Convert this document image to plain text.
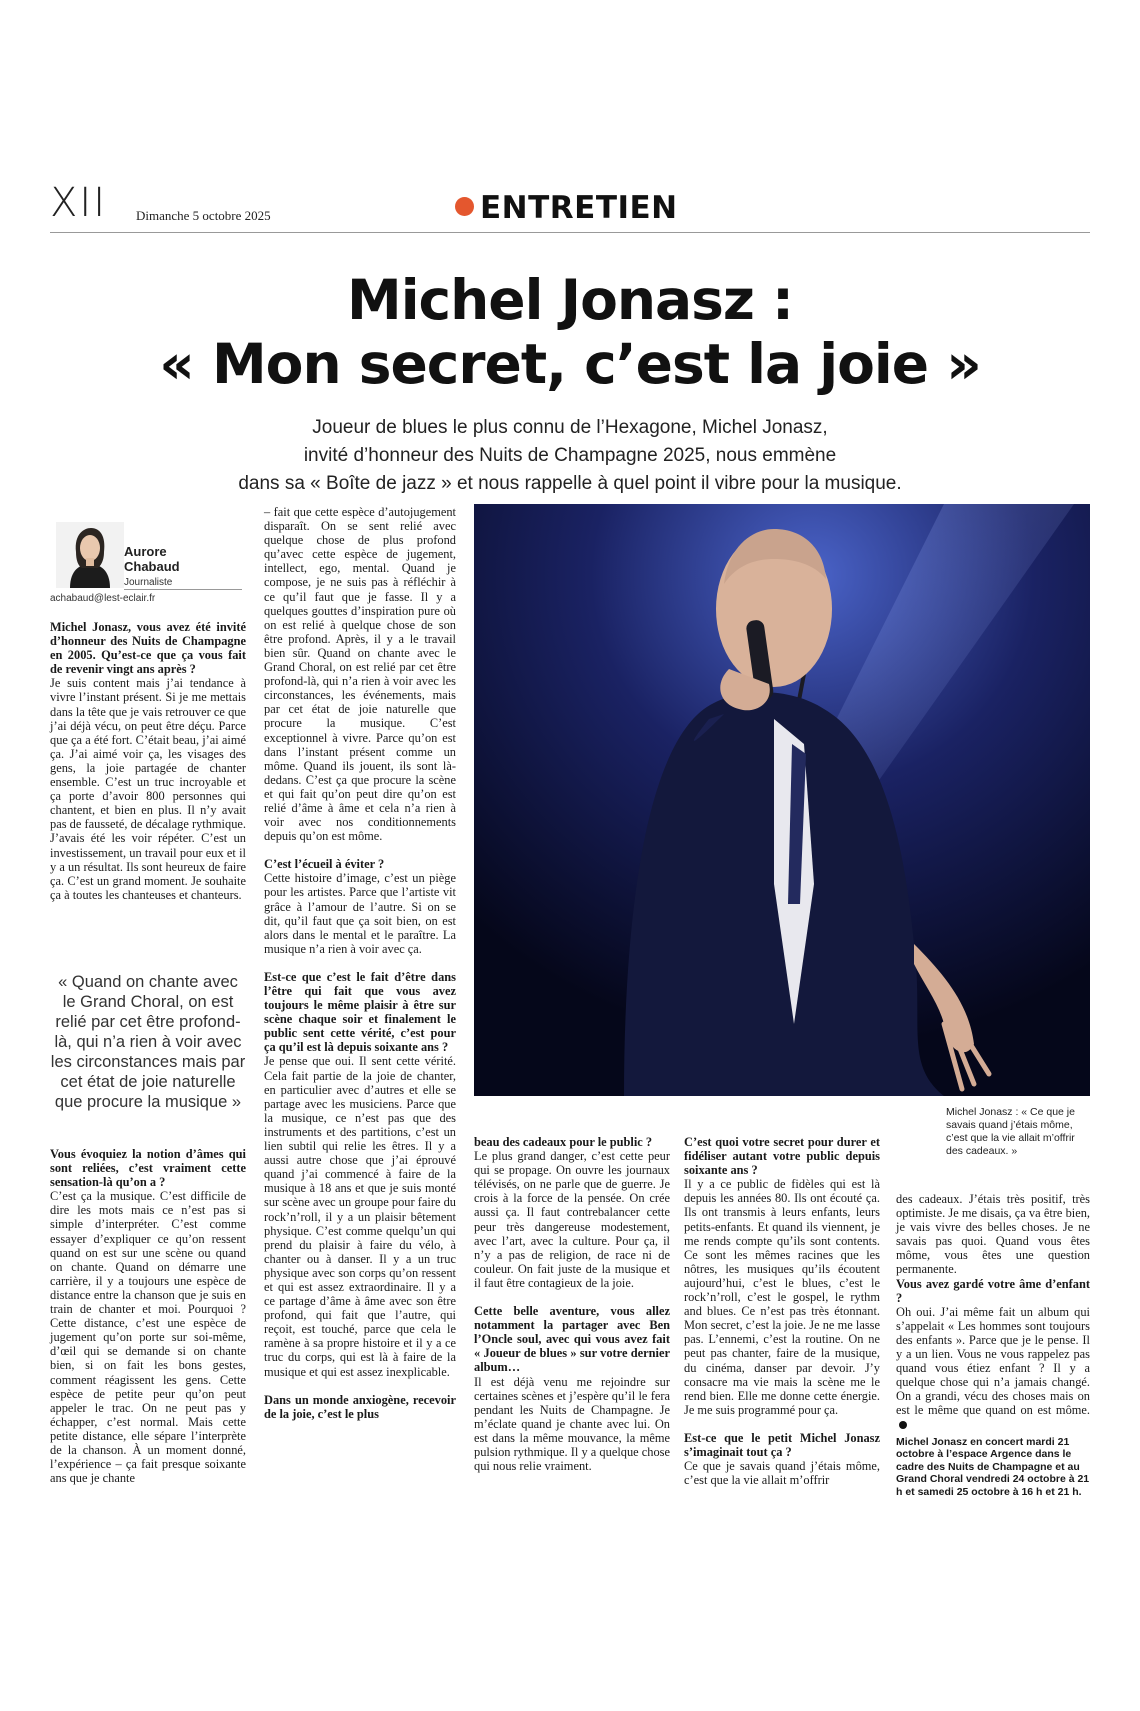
XII Dimanche 5 octobre 2025	ENTRETIEN
Michel Jonasz :
« Mon secret, c’est la joie »
Joueur de blues le plus connu de l’Hexagone, Michel Jonasz,
invité d’honneur des Nuits de Champagne 2025, nous emmène
dans sa « Boîte de jazz » et nous rappelle à quel point il vibre pour la musique.
Aurore
Chabaud
Journaliste
achabaud@lest-eclair.fr

Michel Jonasz, vous avez été invité d’honneur des Nuits de Champagne en 2005. Qu’est-ce que ça vous fait de revenir vingt ans après ?

Je suis content mais j’ai tendance à vivre l’instant présent. Si je me mettais dans la tête que je vais retrouver ce que j’ai déjà vécu, on peut être déçu. Parce que ça a été fort. C’était beau, j’ai aimé ça. J’ai aimé voir ça, les visages des gens, la joie partagée de chanter ensemble. C’est un truc incroyable et ça porte d’avoir 800 personnes qui chantent, et bien en plus. Il n’y avait pas de fausseté, de décalage rythmique. J’avais été les voir répéter. C’est un investissement, un travail pour eux et il y a un résultat. Ils sont heureux de faire ça. C’est un grand moment. Je souhaite ça à toutes les chanteuses et chanteurs.

« Quand on chante avec le Grand Choral, on est relié par cet être profond-là, qui n’a rien à voir avec les circonstances mais par cet état de joie naturelle que procure la musique »

Vous évoquiez la notion d’âmes qui sont reliées, c’est vraiment cette sensation-là qu’on a ?

C’est ça la musique. C’est difficile de dire les mots mais ce n’est pas si simple d’interpréter. C’est comme essayer d’expliquer ce qu’on ressent quand on est sur une scène ou quand on chante. Quand on démarre une carrière, il y a toujours une espèce de distance entre la chanson que je suis en train de chanter et moi. Pourquoi ? Cette distance, c’est une espèce de jugement qu’on porte sur soi-même, d’œil qui se demande si on chante bien, si on fait les bons gestes, comment réagissent les gens. Cette espèce de petite peur qu’on peut appeler le trac. On ne peut pas y échapper, c’est normal. Mais cette petite distance, elle sépare l’interprète de la chanson. À un moment donné, l’expérience – ça fait presque soixante ans que je chante

– fait que cette espèce d’autojugement disparaît. On se sent relié avec quelque chose de plus profond qu’avec cette espèce de jugement, intellect, ego, mental. Quand je compose, je ne suis pas à réfléchir à ce qu’il faut que je fasse. Il y a quelques gouttes d’inspiration pure où on est relié à quelque chose de son être profond. Après, il y a le travail bien sûr. Quand on chante avec le Grand Choral, on est relié par cet être profond-là, qui n’a rien à voir avec les circonstances, les événements, mais par cet état de joie naturelle que procure la musique. C’est exceptionnel à vivre. Parce qu’on est dans l’instant présent comme un môme. Quand ils jouent, ils sont là-dedans. C’est ça que procure la scène et qui fait qu’on peut dire qu’on est relié d’âme à âme et cela n’a rien à voir avec nos conditionnements depuis qu’on est môme.

C’est l’écueil à éviter ?

Cette histoire d’image, c’est un piège pour les artistes. Parce que l’artiste vit grâce à l’amour de l’autre. Si on se dit, qu’il faut que ça soit bien, on est alors dans le mental et le paraître. La musique n’a rien à voir avec ça.

Est-ce que c’est le fait d’être dans l’être qui fait que vous avez toujours le même plaisir à être sur scène chaque soir et finalement le public sent cette vérité, c’est pour ça qu’il est là depuis soixante ans ?

Je pense que oui. Il sent cette vérité. Cela fait partie de la joie de chanter, en particulier avec d’autres et elle se partage avec les musiciens. Parce que la musique, ce n’est pas que des instruments et des partitions, c’est un lien subtil qui relie les êtres. Il y a aussi autre chose que j’ai éprouvé quand j’ai commencé à faire de la musique à 18 ans et que je suis monté sur scène avec un groupe pour faire du rock’n’roll, il y a un plaisir bêtement physique. C’est comme quelqu’un qui prend du plaisir à faire du vélo, à chanter ou à danser. Il y a un truc physique avec son corps qu’on ressent et qui est assez extraordinaire. Il y a ce partage d’âme à âme avec son être profond, qui fait que l’autre, qui reçoit, est touché, parce que cela le ramène à sa propre histoire et il y a ce truc du corps, qui est là à faire de la musique et qui est assez inexplicable.

Dans un monde anxiogène, recevoir de la joie, c’est le plus

Michel Jonasz : « Ce que je savais quand j’étais môme, c’est que la vie allait m’offrir des cadeaux. »

beau des cadeaux pour le public ?

Le plus grand danger, c’est cette peur qui se propage. On ouvre les journaux télévisés, on ne parle que de guerre. Je crois à la force de la pensée. On crée aussi ça. Il faut contrebalancer cette peur très dangereuse modestement, avec l’art, avec la culture. Pour ça, il n’y a pas de religion, de race ni de couleur. On fait juste de la musique et il faut être contagieux de la joie.

Cette belle aventure, vous allez notamment la partager avec Ben l’Oncle soul, avec qui vous avez fait « Joueur de blues » sur votre dernier album…

Il est déjà venu me rejoindre sur certaines scènes et j’espère qu’il le fera pendant les Nuits de Champagne. Je m’éclate quand je chante avec lui. On est dans la même mouvance, la même pulsion rythmique. Il y a quelque chose qui nous relie vraiment.

C’est quoi votre secret pour durer et fidéliser autant votre public depuis soixante ans ?

Il y a ce public de fidèles qui est là depuis les années 80. Ils ont écouté ça. Ils ont transmis à leurs enfants, leurs petits-enfants. Et quand ils viennent, je me rends compte qu’ils sont contents. Ce sont les mêmes racines que les nôtres, les musiques qu’ils écoutent aujourd’hui, c’est le blues, c’est le rock’n’roll, c’est le gospel, le rythm and blues. Ce n’est pas très étonnant. Mon secret, c’est la joie. Je ne me lasse pas. L’ennemi, c’est la routine. On ne peut pas chanter, faire de la musique, du cinéma, danser par devoir. J’y consacre ma vie mais la scène me le rend bien. Elle me donne cette énergie. Je me suis programmé pour ça.

Est-ce que le petit Michel Jonasz s’imaginait tout ça ?

Ce que je savais quand j’étais môme, c’est que la vie allait m’offrir

des cadeaux. J’étais très positif, très optimiste. Je me disais, ça va être bien, je vais vivre des belles choses. Je ne savais pas quoi. Quand vous êtes môme, vous êtes une question permanente.

Vous avez gardé votre âme d’enfant ?

Oh oui. J’ai même fait un album qui s’appelait « Les hommes sont toujours des enfants ». Parce que je le pense. Il y a un lien. Vous ne vous rappelez pas quand vous étiez enfant ? Il y a quelque chose qui n’a jamais changé. On a grandi, vécu des choses mais on est le même que quand on est môme.

Michel Jonasz en concert mardi 21 octobre à l’espace Argence dans le cadre des Nuits de Champagne et au Grand Choral vendredi 24 octobre à 21 h et samedi 25 octobre à 16 h et 21 h.
